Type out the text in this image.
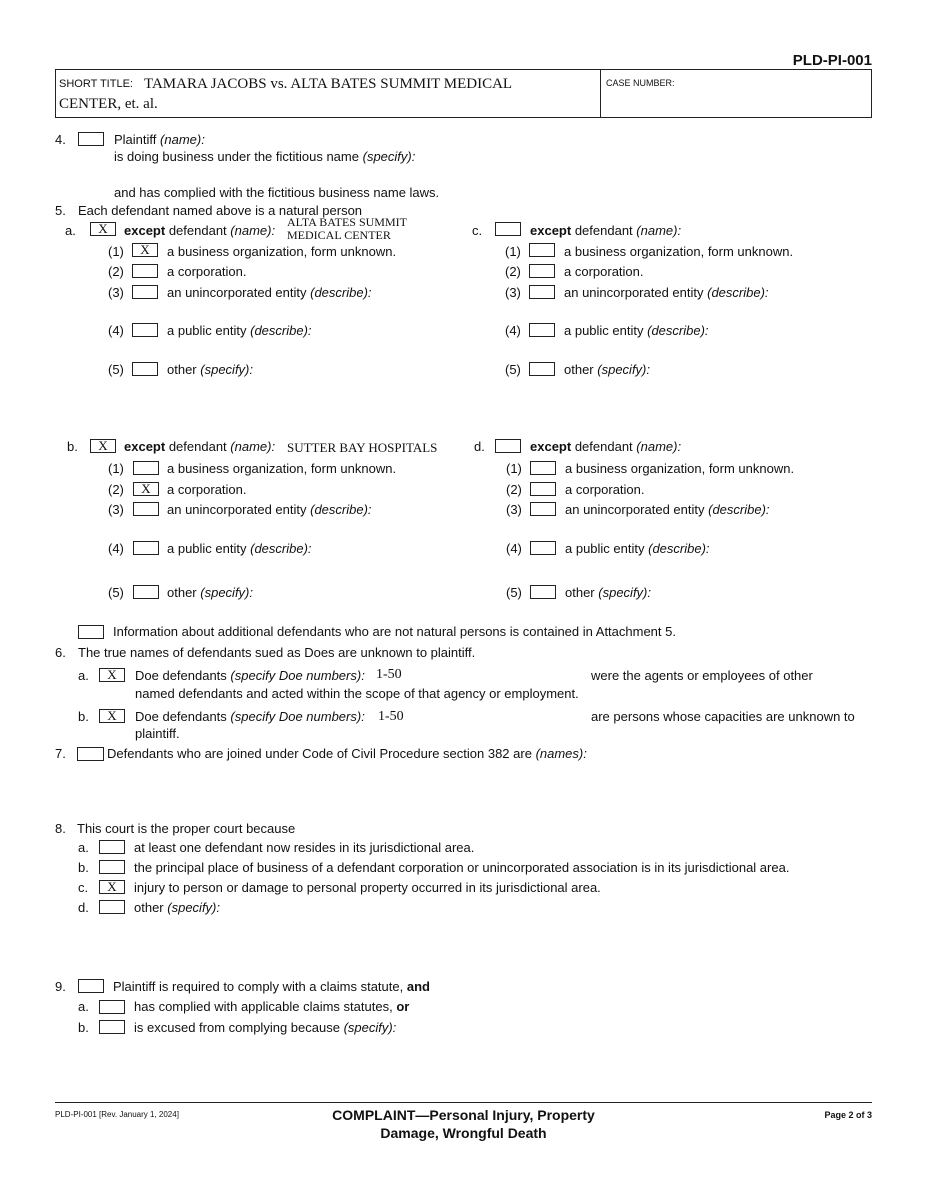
PLD-PI-001
SHORT TITLE: TAMARA JACOBS vs. ALTA BATES SUMMIT MEDICAL
CENTER, et. al.
CASE NUMBER:
4.	Plaintiff (name):
is doing business under the fictitious name (specify):
and has complied with the fictitious business name laws.
5. Each defendant named above is a natural person
a.	X	except defendant (name):
ALTA BATES SUMMIT
MEDICAL CENTER
(1)	X	a business organization, form unknown.
(2)	a corporation.
(3)	an unincorporated entity (describe):
(4)	a public entity (describe):
(5)	other (specify):
c.	except defendant (name):
(1)	a business organization, form unknown.
(2)	a corporation.
(3)	an unincorporated entity (describe):
(4)	a public entity (describe):
(5)	other (specify):
b.	X	except defendant (name): SUTTER BAY HOSPITALS
(1)	a business organization, form unknown.
(2)	X	a corporation.
(3)	an unincorporated entity (describe):
(4)	a public entity (describe):
(5)	other (specify):
d.	except defendant (name):
(1)	a business organization, form unknown.
(2)	a corporation.
(3)	an unincorporated entity (describe):
(4)	a public entity (describe):
(5)	other (specify):
Information about additional defendants who are not natural persons is contained in Attachment 5.
6. The true names of defendants sued as Does are unknown to plaintiff.
a.	X	Doe defendants (specify Doe numbers): 1-50	were the agents or employees of other
named defendants and acted within the scope of that agency or employment.
b.	X	Doe defendants (specify Doe numbers): 1-50	are persons whose capacities are unknown to
plaintiff.
7.	Defendants who are joined under Code of Civil Procedure section 382 are (names):
8. This court is the proper court because
a.	at least one defendant now resides in its jurisdictional area.
b.	the principal place of business of a defendant corporation or unincorporated association is in its jurisdictional area.
c.	X	injury to person or damage to personal property occurred in its jurisdictional area.
d.	other (specify):
9.	Plaintiff is required to comply with a claims statute, and
a.	has complied with applicable claims statutes, or
b.	is excused from complying because (specify):
PLD-PI-001 [Rev. January 1, 2024]	COMPLAINT—Personal Injury, Property
Damage, Wrongful Death
Page 2 of 3
